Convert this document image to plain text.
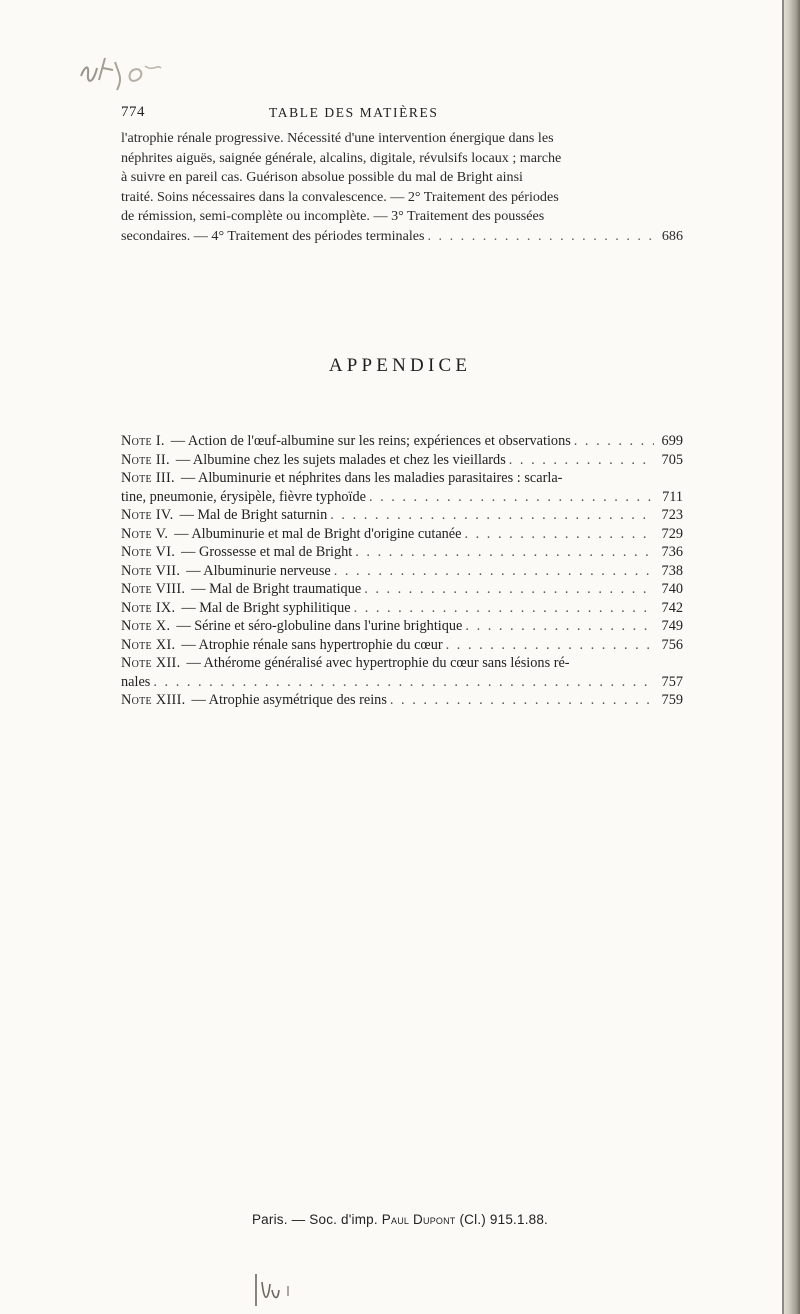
774	TABLE DES MATIÈRES
l'atrophie rénale progressive. Nécessité d'une intervention énergique dans les
néphrites aiguës, saignée générale, alcalins, digitale, révulsifs locaux ; marche
à suivre en pareil cas. Guérison absolue possible du mal de Bright ainsi
traité. Soins nécessaires dans la convalescence. — 2° Traitement des périodes
de rémission, semi-complète ou incomplète. — 3° Traitement des poussées
secondaires. — 4° Traitement des périodes terminales . . .	686
APPENDICE
Note I. — Action de l'œuf-albumine sur les reins; expériences et observations . . .	699
Note II. — Albumine chez les sujets malades et chez les vieillards . . .	705
Note III. — Albuminurie et néphrites dans les maladies parasitaires : scarla-
tine, pneumonie, érysipèle, fièvre typhoïde . . .	711
Note IV. — Mal de Bright saturnin . . .	723
Note V. — Albuminurie et mal de Bright d'origine cutanée . . .	729
Note VI. — Grossesse et mal de Bright . . .	736
Note VII. — Albuminurie nerveuse . . .	738
Note VIII. — Mal de Bright traumatique . . .	740
Note IX. — Mal de Bright syphilitique . . .	742
Note X. — Sérine et séro-globuline dans l'urine brightique . . .	749
Note XI. — Atrophie rénale sans hypertrophie du cœur . . .	756
Note XII. — Athérome généralisé avec hypertrophie du cœur sans lésions ré-
nales . . .	757
Note XIII. — Atrophie asymétrique des reins . . .	759
Paris. — Soc. d'imp. Paul Dupont (Cl.) 915.1.88.
